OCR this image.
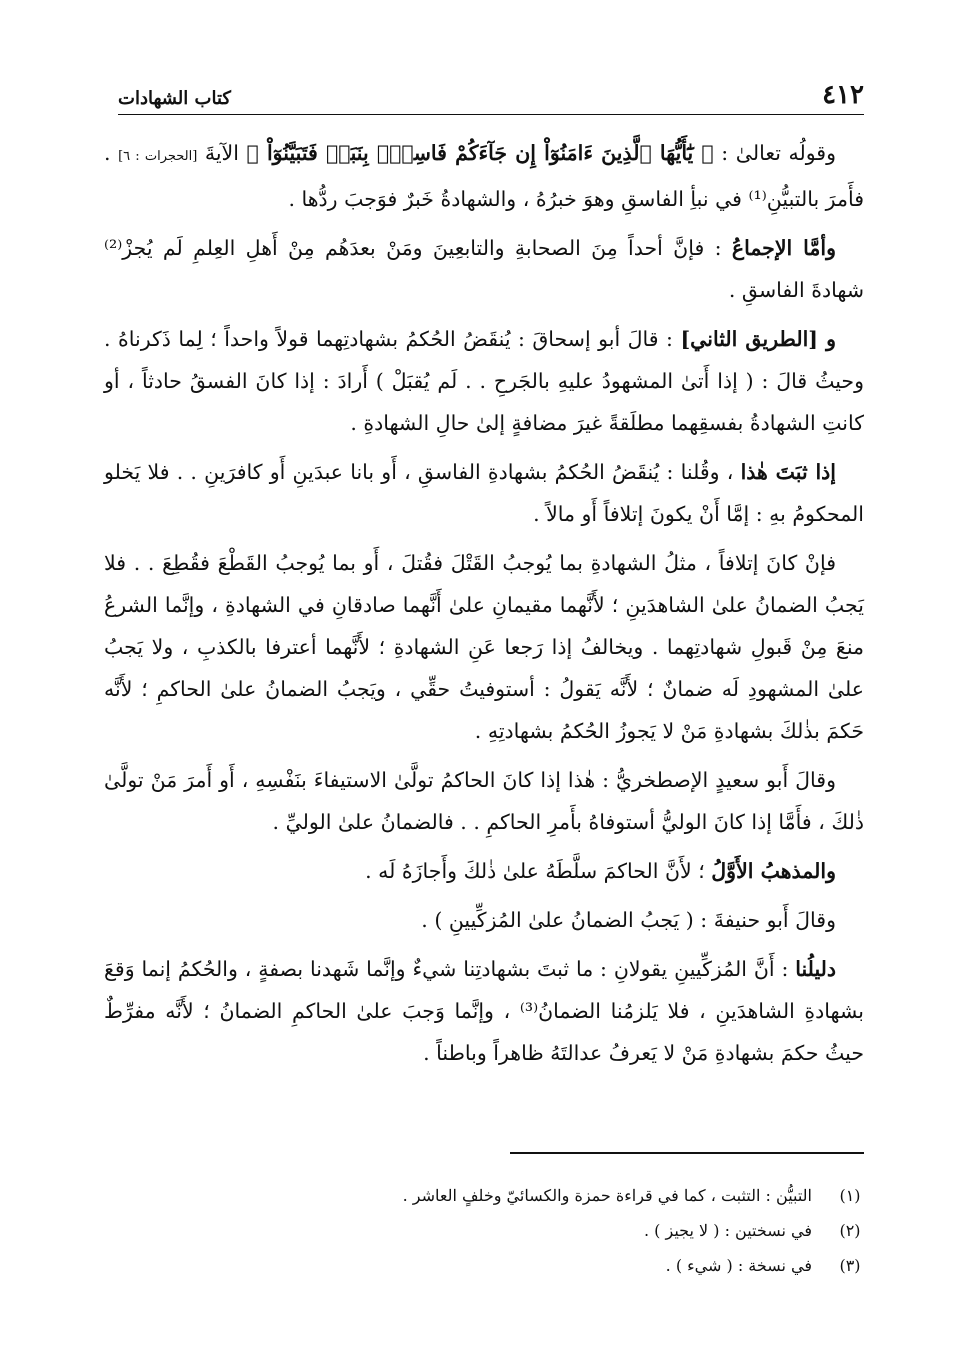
٤١٢
كتاب الشهادات

وقولُه تعالىٰ : ﴿ يَٰٓأَيُّهَا ٱلَّذِينَ ءَامَنُوٓاْ إِن جَآءَكُمْ فَاسِقٌۢ بِنَبَإٖ فَتَبَيَّنُوٓاْ ﴾ الآيةَ [الحجرات : ٦] . فأَمرَ بالتبيُّنِ⁽¹⁾ في نبأِ الفاسقِ وهوَ خبرُهُ ، والشهادةُ خَبرٌ فوَجبَ ردُّها .

وأمَّا الإجماعُ : فإنَّ أحداً مِنَ الصحابةِ والتابعِينَ ومَنْ بعدَهُم مِنْ أَهلِ العِلمِ لَم يُجزْ⁽²⁾ شهادةَ الفاسقِ .

و [الطريق الثاني] : قالَ أبو إسحاقَ : يُنقَضُ الحُكمُ بشهادتِهما قولاً واحداً ؛ لِما ذَكرناهُ . وحيثُ قالَ : ( إذا أَتىٰ المشهودُ عليهِ بالجَرحِ . . لَم يُقبَلْ ) أَرادَ : إذا كانَ الفسقُ حادثاً ، أو كانتِ الشهادةُ بفسقِهما مطلَقةً غيرَ مضافةٍ إلىٰ حالِ الشهادةِ .

إذا ثبَتَ هٰذا ، وقُلنا : يُنقَضُ الحُكمُ بشهادةِ الفاسقِ ، أَو بانا عبدَينِ أَو كافرَينِ . . فلا يَخلو المحكومُ بهِ : إمَّا أَنْ يكونَ إتلافاً أَو مالاً .

فإنْ كانَ إتلافاً ، مثلُ الشهادةِ بما يُوجبُ القَتْلَ فقُتلَ ، أَو بما يُوجبُ القَطْعَ فقُطِعَ . . فلا يَجبُ الضمانُ علىٰ الشاهدَينِ ؛ لأَنَّهما مقيمانِ علىٰ أَنَّهما صادقانِ في الشهادةِ ، وإنَّما الشرعُ منعَ مِنْ قَبولِ شهادتِهما . ويخالفُ إذا رَجعا عَنِ الشهادةِ ؛ لأَنَّهما أعترفا بالكذبِ ، ولا يَجبُ علىٰ المشهودِ لَه ضمانٌ ؛ لأَنَّه يَقولُ : أستوفيتُ حقِّي ، ويَجبُ الضمانُ علىٰ الحاكمِ ؛ لأَنَّه حَكمَ بذٰلكَ بشهادةِ مَنْ لا يَجوزُ الحُكمُ بشهادتِهِ .

وقالَ أَبو سعيدٍ الإصطخريُّ : هٰذا إذا كانَ الحاكمُ تولَّىٰ الاستيفاءَ بنَفْسِهِ ، أَو أَمرَ مَنْ تولَّىٰ ذٰلكَ ، فأَمَّا إذا كانَ الوليُّ أستوفاهُ بأَمرِ الحاكمِ . . فالضمانُ علىٰ الوليِّ .

والمذهبُ الأَوَّلُ ؛ لأَنَّ الحاكمَ سلَّطَهُ علىٰ ذٰلكَ وأَجازَهُ لَه .

وقالَ أَبو حنيفةَ : ( يَجبُ الضمانُ علىٰ المُزكِّيينِ ) .

دليلُنا : أَنَّ المُزكِّيينِ يقولانِ : ما ثبتَ بشهادتِنا شيءٌ وإنَّما شَهدنا بصفةٍ ، والحُكمُ إنما وَقعَ بشهادةِ الشاهدَينِ ، فلا يَلزمُنا الضمانُ⁽³⁾ ، وإنَّما وَجبَ علىٰ الحاكمِ الضمانُ ؛ لأَنَّه مفرِّطٌ حيثُ حكمَ بشهادةِ مَنْ لا يَعرفُ عدالتَهُ ظاهراً وباطناً .

(١)
التبيُّن : التثبت ، كما في قراءة حمزة والكسائيّ وخلفٍ العاشر .
(٢)
في نسختين : ( لا يجيز ) .
(٣)
في نسخة : ( شيء ) .
